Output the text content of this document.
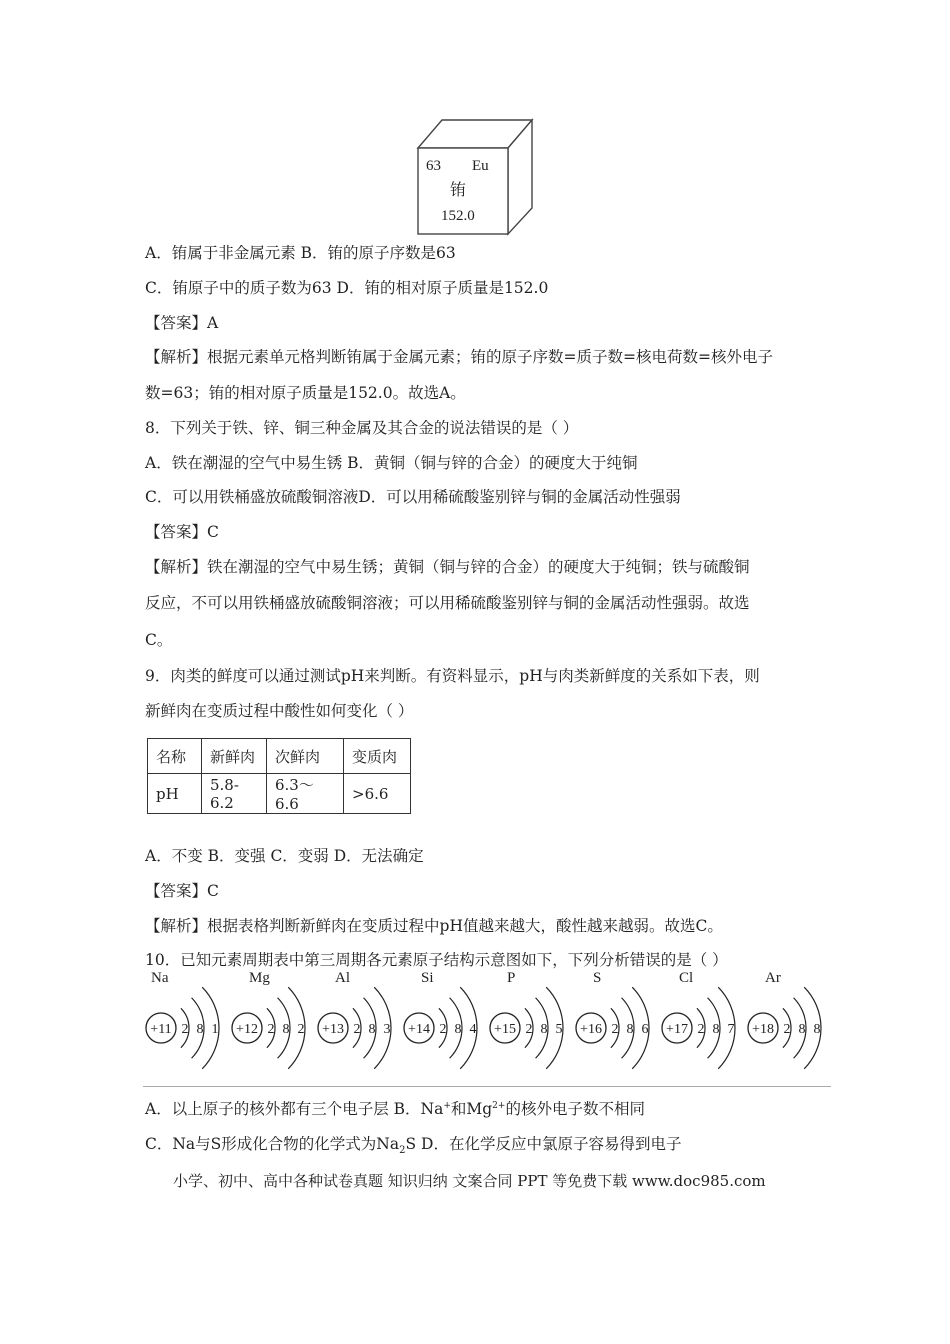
63 Eu
铕
152.0
A．铕属于非金属元素 B．铕的原子序数是63
C．铕原子中的质子数为63 D．铕的相对原子质量是152.0
【答案】A
【解析】根据元素单元格判断铕属于金属元素；铕的原子序数=质子数=核电荷数=核外电子
数=63；铕的相对原子质量是152.0。故选A。
8．下列关于铁、锌、铜三种金属及其合金的说法错误的是（ ）
A．铁在潮湿的空气中易生锈 B．黄铜（铜与锌的合金）的硬度大于纯铜
C．可以用铁桶盛放硫酸铜溶液D．可以用稀硫酸鉴别锌与铜的金属活动性强弱
【答案】C
【解析】铁在潮湿的空气中易生锈；黄铜（铜与锌的合金）的硬度大于纯铜；铁与硫酸铜
反应，不可以用铁桶盛放硫酸铜溶液；可以用稀硫酸鉴别锌与铜的金属活动性强弱。故选
C。
9．肉类的鲜度可以通过测试pH来判断。有资料显示，pH与肉类新鲜度的关系如下表，则
新鲜肉在变质过程中酸性如何变化（ ）
名称	新鲜肉	次鲜肉	变质肉
pH	5.8-6.2	6.3～6.6	>6.6
A．不变 B．变强 C．变弱 D．无法确定
【答案】C
【解析】根据表格判断新鲜肉在变质过程中pH值越来越大，酸性越来越弱。故选C。
10．已知元素周期表中第三周期各元素原子结构示意图如下，下列分析错误的是（ ）
Na
+11 2 8 1
Mg
+12 2 8 2
Al
+13 2 8 3
Si
+14 2 8 4
P
+15 2 8 5
S
+16 2 8 6
Cl
+17 2 8 7
Ar
+18 2 8 8
A．以上原子的核外都有三个电子层 B．Na+和$Mg^{2+}$的核外电子数不相同
C．Na与S形成化合物的化学式为$Na_2S$ D．在化学反应中氯原子容易得到电子
小学、初中、高中各种试卷真题 知识归纳 文案合同 PPT 等免费下载 www.doc985.com
